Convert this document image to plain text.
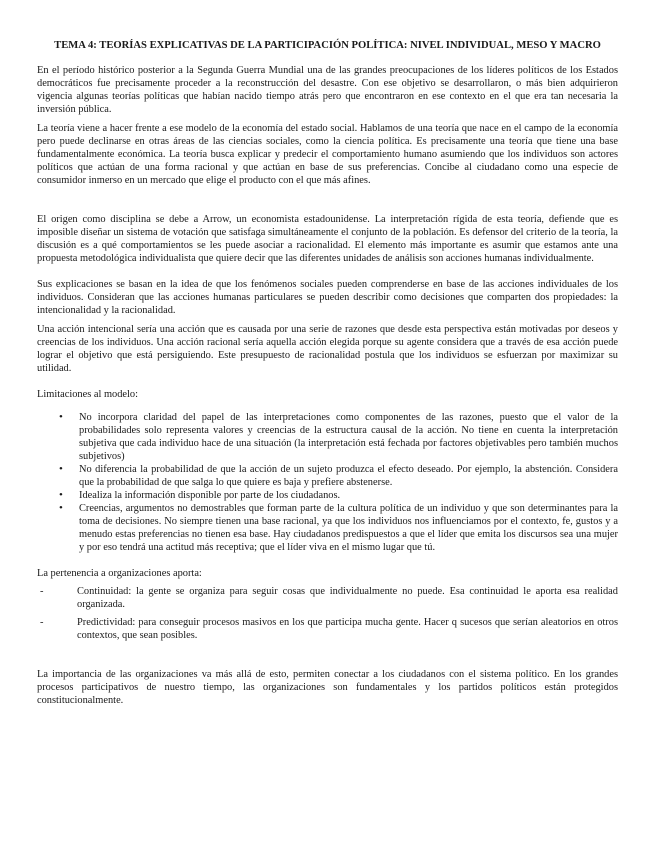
TEMA 4: TEORÍAS EXPLICATIVAS DE LA PARTICIPACIÓN POLÍTICA: NIVEL INDIVIDUAL, MESO Y MACRO

En el período histórico posterior a la Segunda Guerra Mundial una de las grandes preocupaciones de los líderes políticos de los Estados democráticos fue precisamente proceder a la reconstrucción del desastre. Con ese objetivo se desarrollaron, o más bien adquirieron vigencia algunas teorías políticas que habían nacido tiempo atrás pero que encontraron en ese contexto en el que era tan necesaria la inversión pública.

La teoría viene a hacer frente a ese modelo de la economía del estado social. Hablamos de una teoría que nace en el campo de la economía pero puede declinarse en otras áreas de las ciencias sociales, como la ciencia política. Es precisamente una teoría que tiene una base fundamentalmente económica. La teoría busca explicar y predecir el comportamiento humano asumiendo que los individuos son actores políticos que actúan de una forma racional y que actúan en base de sus preferencias. Concibe al ciudadano como una especie de consumidor inmerso en un mercado que elige el producto con el que más afines.

El origen como disciplina se debe a Arrow, un economista estadounidense. La interpretación rígida de esta teoría, defiende que es imposible diseñar un sistema de votación que satisfaga simultáneamente el conjunto de la población. Es defensor del criterio de la teoría, la discusión es a qué comportamientos se les puede asociar a racionalidad. El elemento más importante es asumir que estamos ante una propuesta metodológica individualista que quiere decir que las diferentes unidades de análisis son acciones humanas individualmente.

Sus explicaciones se basan en la idea de que los fenómenos sociales pueden comprenderse en base de las acciones individuales de los individuos. Consideran que las acciones humanas particulares se pueden describir como decisiones que comparten dos propiedades: la intencionalidad y la racionalidad.

Una acción intencional sería una acción que es causada por una serie de razones que desde esta perspectiva están motivadas por deseos y creencias de los individuos. Una acción racional sería aquella acción elegida porque su agente considera que a través de esa acción puede lograr el objetivo que está persiguiendo. Este presupuesto de racionalidad postula que los individuos se esfuerzan por maximizar su utilidad.

Limitaciones al modelo:

• No incorpora claridad del papel de las interpretaciones como componentes de las razones, puesto que el valor de la probabilidades solo representa valores y creencias de la estructura causal de la acción. No tiene en cuenta la interpretación subjetiva que cada individuo hace de una situación (la interpretación está fechada por factores objetivables pero también muchos subjetivos)
• No diferencia la probabilidad de que la acción de un sujeto produzca el efecto deseado. Por ejemplo, la abstención. Considera que la probabilidad de que salga lo que quiere es baja y prefiere abstenerse.
• Idealiza la información disponible por parte de los ciudadanos.
• Creencias, argumentos no demostrables que forman parte de la cultura política de un individuo y que son determinantes para la toma de decisiones. No siempre tienen una base racional, ya que los individuos nos influenciamos por el contexto, fe, gustos y a menudo estas preferencias no tienen esa base. Hay ciudadanos predispuestos a que el líder que emita los discursos sea una mujer y por eso tendrá una actitud más receptiva; que el líder viva en el mismo lugar que tú.

La pertenencia a organizaciones aporta:

- Continuidad: la gente se organiza para seguir cosas que individualmente no puede. Esa continuidad le aporta esa realidad organizada.
- Predictividad: para conseguir procesos masivos en los que participa mucha gente. Hacer q sucesos que serían aleatorios en otros contextos, que sean posibles.

La importancia de las organizaciones va más allá de esto, permiten conectar a los ciudadanos con el sistema político. En los grandes procesos participativos de nuestro tiempo, las organizaciones son fundamentales y los partidos políticos están protegidos constitucionalmente.
